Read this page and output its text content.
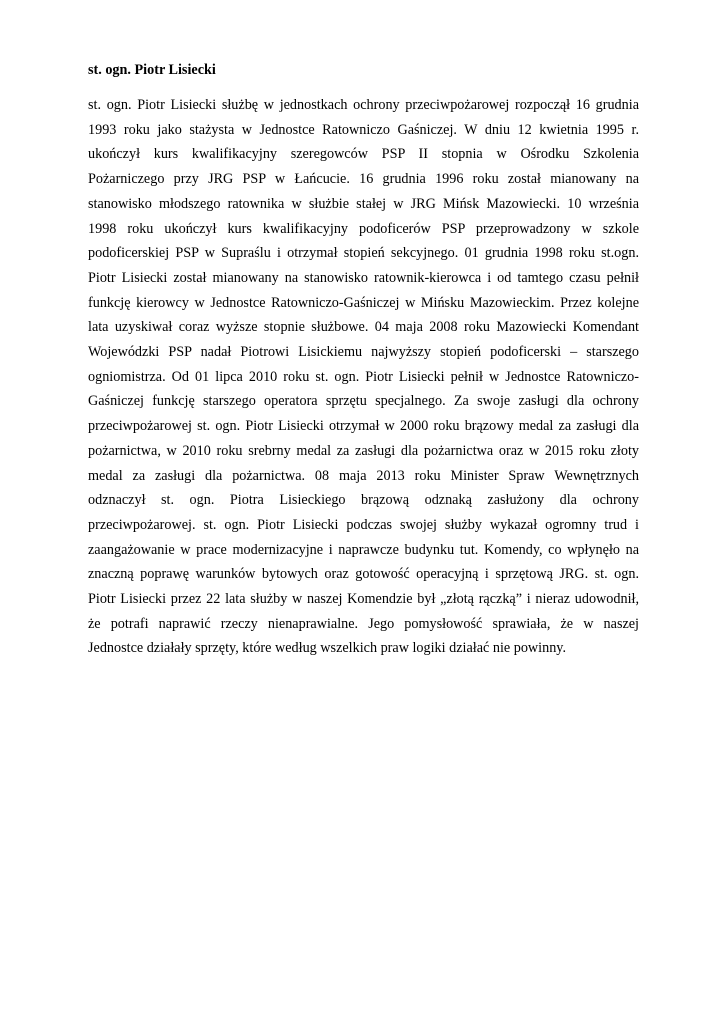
st. ogn. Piotr Lisiecki

st. ogn. Piotr Lisiecki służbę w jednostkach ochrony przeciwpożarowej rozpoczął 16 grudnia
1993 roku jako stażysta w Jednostce Ratowniczo Gaśniczej. W dniu 12 kwietnia 1995 r.
ukończył kurs kwalifikacyjny szeregowców PSP II stopnia w Ośrodku Szkolenia
Pożarniczego przy JRG PSP w Łańcucie. 16 grudnia 1996 roku został mianowany na
stanowisko młodszego ratownika w służbie stałej w JRG Mińsk Mazowiecki. 10 września
1998 roku ukończył kurs kwalifikacyjny podoficerów PSP przeprowadzony w szkole
podoficerskiej PSP w Supraślu i otrzymał stopień sekcyjnego. 01 grudnia 1998 roku st.ogn.
Piotr Lisiecki został mianowany na stanowisko ratownik-kierowca i od tamtego czasu pełnił
funkcję kierowcy w Jednostce Ratowniczo-Gaśniczej w Mińsku Mazowieckim. Przez kolejne
lata uzyskiwał coraz wyższe stopnie służbowe. 04 maja 2008 roku Mazowiecki Komendant
Wojewódzki PSP nadał Piotrowi Lisickiemu najwyższy stopień podoficerski – starszego
ogniomistrza. Od 01 lipca 2010 roku st. ogn. Piotr Lisiecki pełnił w Jednostce Ratowniczo-
Gaśniczej funkcję starszego operatora sprzętu specjalnego. Za swoje zasługi dla ochrony
przeciwpożarowej st. ogn. Piotr Lisiecki otrzymał w 2000 roku brązowy medal za zasługi dla
pożarnictwa, w 2010 roku srebrny medal za zasługi dla pożarnictwa oraz w 2015 roku złoty
medal za zasługi dla pożarnictwa. 08 maja 2013 roku Minister Spraw Wewnętrznych
odznaczył st. ogn. Piotra Lisieckiego brązową odznaką zasłużony dla ochrony
przeciwpożarowej. st. ogn. Piotr Lisiecki podczas swojej służby wykazał ogromny trud i
zaangażowanie w prace modernizacyjne i naprawcze budynku tut. Komendy, co wpłynęło na
znaczną poprawę warunków bytowych oraz gotowość operacyjną i sprzętową JRG. st. ogn.
Piotr Lisiecki przez 22 lata służby w naszej Komendzie był „złotą rączką” i nieraz udowodnił,
że potrafi naprawić rzeczy nienaprawialne. Jego pomysłowość sprawiała, że w naszej
Jednostce działały sprzęty, które według wszelkich praw logiki działać nie powinny.
